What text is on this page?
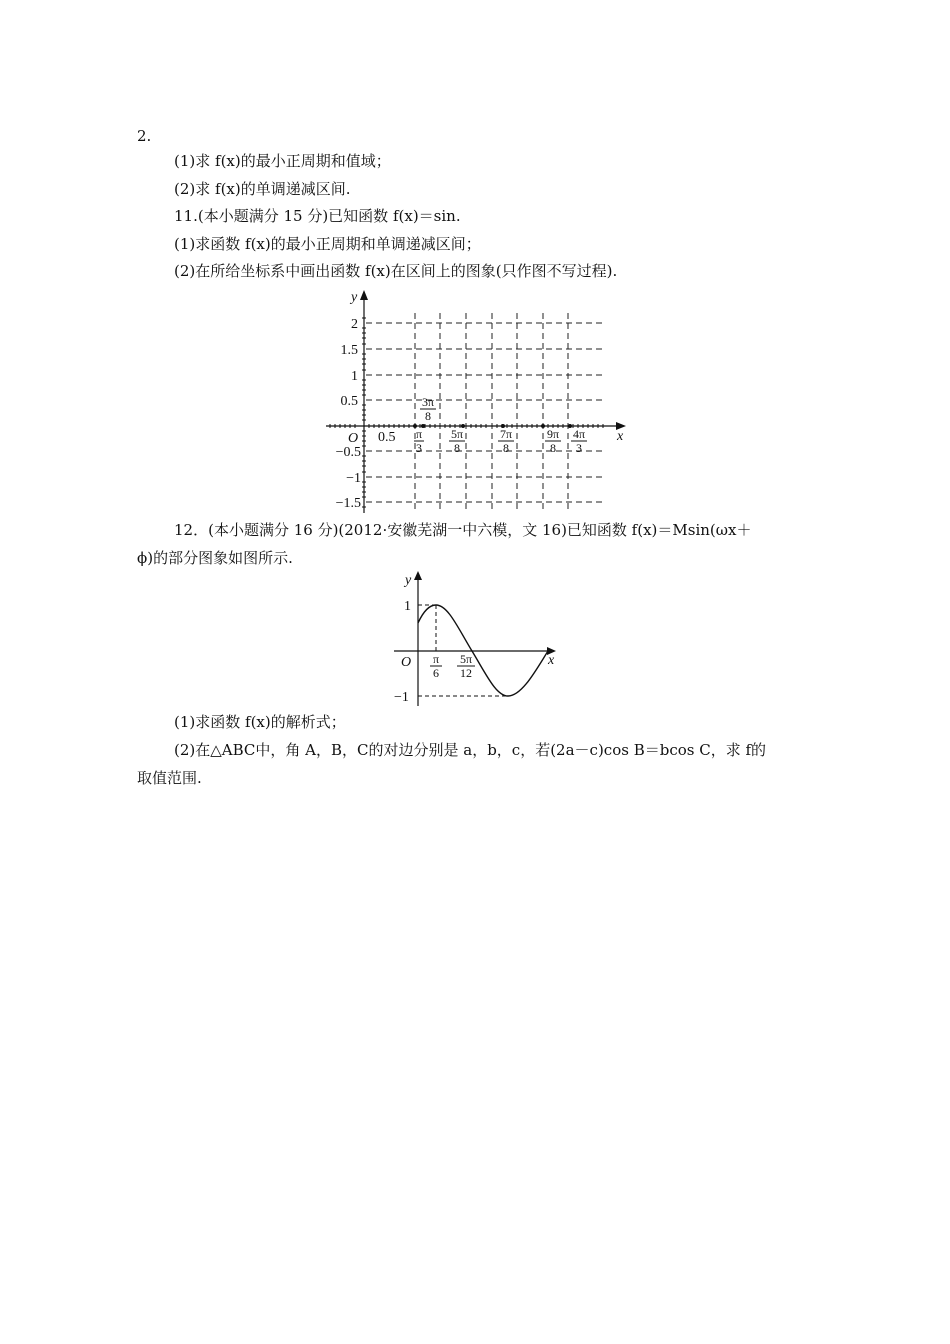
2.
(1)求 f(x)的最小正周期和值域；
(2)求 f(x)的单调递减区间.
11.(本小题满分 15 分)已知函数 f(x)＝sin.
(1)求函数 f(x)的最小正周期和单调递减区间；
(2)在所给坐标系中画出函数 f(x)在区间上的图象(只作图不写过程).
y
x
O
2
1.5
1
0.5
−0.5
−1
−1.5
0.5 π
3
3π
8
5π
8
7π
8
9π
8
4π
3
12．(本小题满分 16 分)(2012·安徽芜湖一中六模，文 16)已知函数 f(x)＝Msin(ωx＋
ϕ)的部分图象如图所示.
y
x
O
1
−1
π
6
5π
12
(1)求函数 f(x)的解析式；
(2)在△ABC中，角 A，B，C的对边分别是 a，b，c，若(2a－c)cos B＝bcos C，求 f的
取值范围.
